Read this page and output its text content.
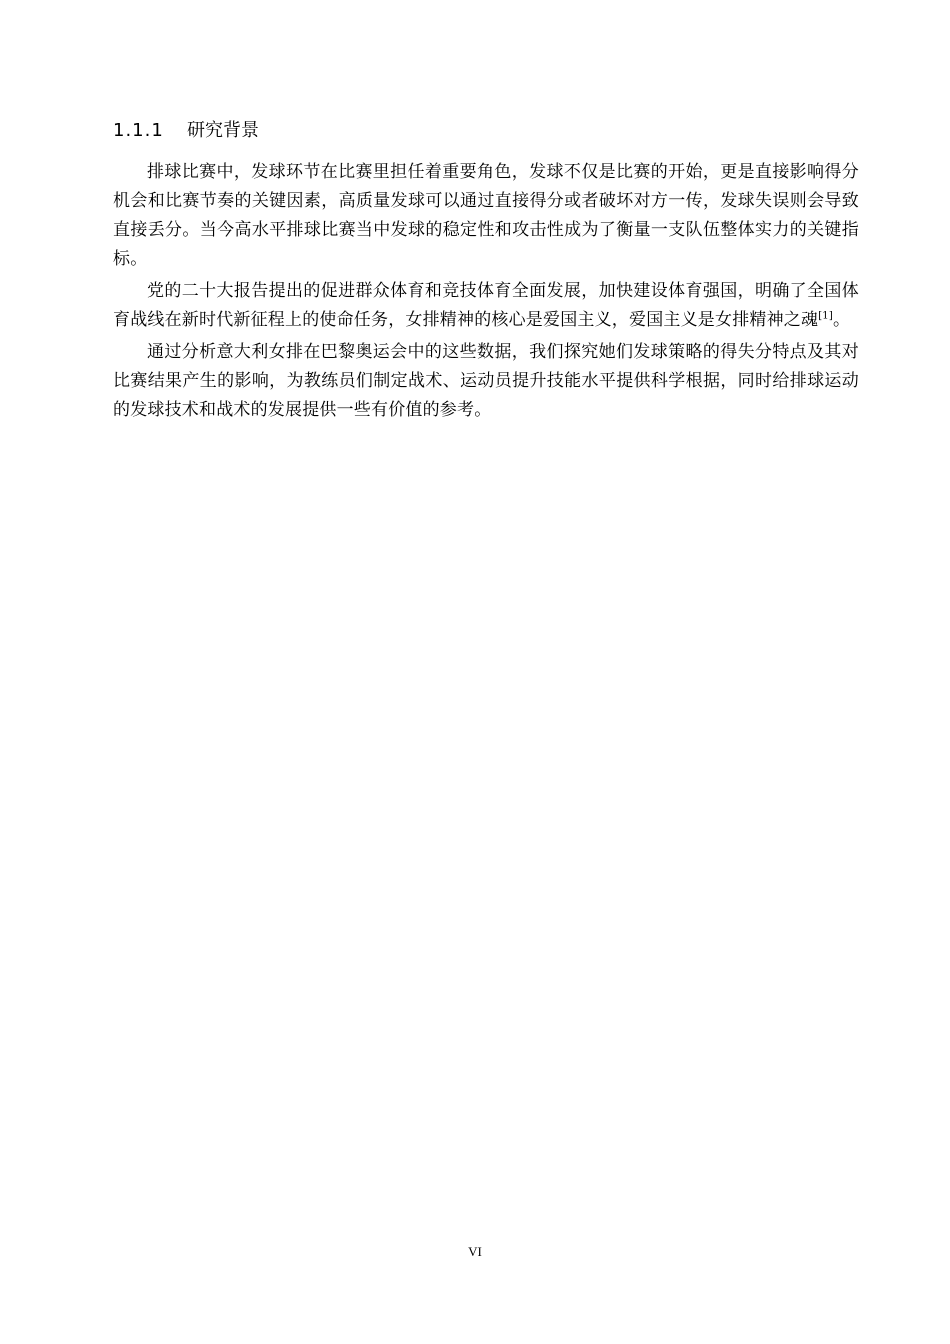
1.1.1 研究背景

排球比赛中，发球环节在比赛里担任着重要角色，发球不仅是比赛的开始，更是直接影响得分机会和比赛节奏的关键因素，高质量发球可以通过直接得分或者破坏对方一传，发球失误则会导致直接丢分。当今高水平排球比赛当中发球的稳定性和攻击性成为了衡量一支队伍整体实力的关键指标。

党的二十大报告提出的促进群众体育和竞技体育全面发展，加快建设体育强国，明确了全国体育战线在新时代新征程上的使命任务，女排精神的核心是爱国主义，爱国主义是女排精神之魂[1]。

通过分析意大利女排在巴黎奥运会中的这些数据，我们探究她们发球策略的得失分特点及其对比赛结果产生的影响，为教练员们制定战术、运动员提升技能水平提供科学根据，同时给排球运动的发球技术和战术的发展提供一些有价值的参考。

VI
